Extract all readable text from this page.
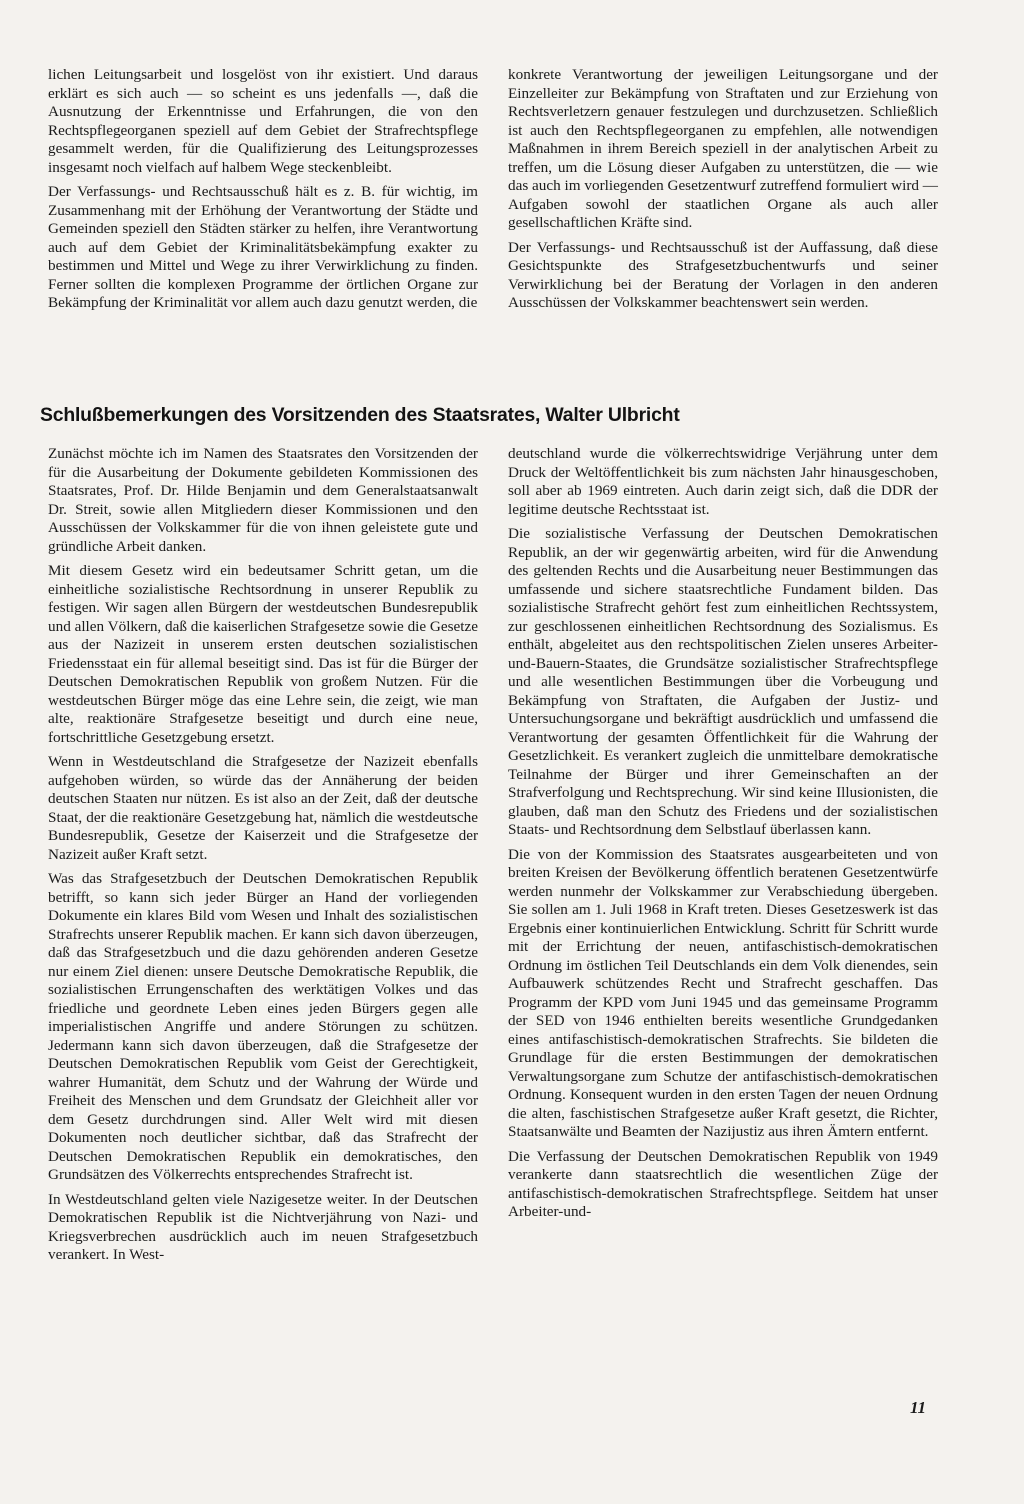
lichen Leitungsarbeit und losgelöst von ihr existiert. Und daraus erklärt es sich auch — so scheint es uns jedenfalls —, daß die Ausnutzung der Erkenntnisse und Erfahrungen, die von den Rechtspflegeorganen speziell auf dem Gebiet der Strafrechtspflege gesammelt werden, für die Qualifizierung des Leitungsprozesses insgesamt noch vielfach auf halbem Wege steckenbleibt.

Der Verfassungs- und Rechtsausschuß hält es z. B. für wichtig, im Zusammenhang mit der Erhöhung der Verantwortung der Städte und Gemeinden speziell den Städten stärker zu helfen, ihre Verantwortung auch auf dem Gebiet der Kriminalitätsbekämpfung exakter zu bestimmen und Mittel und Wege zu ihrer Verwirklichung zu finden. Ferner sollten die komplexen Programme der örtlichen Organe zur Bekämpfung der Kriminalität vor allem auch dazu genutzt werden, die

konkrete Verantwortung der jeweiligen Leitungsorgane und der Einzelleiter zur Bekämpfung von Straftaten und zur Erziehung von Rechtsverletzern genauer festzulegen und durchzusetzen. Schließlich ist auch den Rechtspflegeorganen zu empfehlen, alle notwendigen Maßnahmen in ihrem Bereich speziell in der analytischen Arbeit zu treffen, um die Lösung dieser Aufgaben zu unterstützen, die — wie das auch im vorliegenden Gesetzentwurf zutreffend formuliert wird — Aufgaben sowohl der staatlichen Organe als auch aller gesellschaftlichen Kräfte sind.

Der Verfassungs- und Rechtsausschuß ist der Auffassung, daß diese Gesichtspunkte des Strafgesetzbuchentwurfs und seiner Verwirklichung bei der Beratung der Vorlagen in den anderen Ausschüssen der Volkskammer beachtenswert sein werden.

Schlußbemerkungen des Vorsitzenden des Staatsrates, Walter Ulbricht

Zunächst möchte ich im Namen des Staatsrates den Vorsitzenden der für die Ausarbeitung der Dokumente gebildeten Kommissionen des Staatsrates, Prof. Dr. Hilde Benjamin und dem Generalstaatsanwalt Dr. Streit, sowie allen Mitgliedern dieser Kommissionen und den Ausschüssen der Volkskammer für die von ihnen geleistete gute und gründliche Arbeit danken.

Mit diesem Gesetz wird ein bedeutsamer Schritt getan, um die einheitliche sozialistische Rechtsordnung in unserer Republik zu festigen. Wir sagen allen Bürgern der westdeutschen Bundesrepublik und allen Völkern, daß die kaiserlichen Strafgesetze sowie die Gesetze aus der Nazizeit in unserem ersten deutschen sozialistischen Friedensstaat ein für allemal beseitigt sind. Das ist für die Bürger der Deutschen Demokratischen Republik von großem Nutzen. Für die westdeutschen Bürger möge das eine Lehre sein, die zeigt, wie man alte, reaktionäre Strafgesetze beseitigt und durch eine neue, fortschrittliche Gesetzgebung ersetzt.

Wenn in Westdeutschland die Strafgesetze der Nazizeit ebenfalls aufgehoben würden, so würde das der Annäherung der beiden deutschen Staaten nur nützen. Es ist also an der Zeit, daß der deutsche Staat, der die reaktionäre Gesetzgebung hat, nämlich die westdeutsche Bundesrepublik, Gesetze der Kaiserzeit und die Strafgesetze der Nazizeit außer Kraft setzt.

Was das Strafgesetzbuch der Deutschen Demokratischen Republik betrifft, so kann sich jeder Bürger an Hand der vorliegenden Dokumente ein klares Bild vom Wesen und Inhalt des sozialistischen Strafrechts unserer Republik machen. Er kann sich davon überzeugen, daß das Strafgesetzbuch und die dazu gehörenden anderen Gesetze nur einem Ziel dienen: unsere Deutsche Demokratische Republik, die sozialistischen Errungenschaften des werktätigen Volkes und das friedliche und geordnete Leben eines jeden Bürgers gegen alle imperialistischen Angriffe und andere Störungen zu schützen. Jedermann kann sich davon überzeugen, daß die Strafgesetze der Deutschen Demokratischen Republik vom Geist der Gerechtigkeit, wahrer Humanität, dem Schutz und der Wahrung der Würde und Freiheit des Menschen und dem Grundsatz der Gleichheit aller vor dem Gesetz durchdrungen sind. Aller Welt wird mit diesen Dokumenten noch deutlicher sichtbar, daß das Strafrecht der Deutschen Demokratischen Republik ein demokratisches, den Grundsätzen des Völkerrechts entsprechendes Strafrecht ist.

In Westdeutschland gelten viele Nazigesetze weiter. In der Deutschen Demokratischen Republik ist die Nichtverjährung von Nazi- und Kriegsverbrechen ausdrücklich auch im neuen Strafgesetzbuch verankert. In West-

deutschland wurde die völkerrechtswidrige Verjährung unter dem Druck der Weltöffentlichkeit bis zum nächsten Jahr hinausgeschoben, soll aber ab 1969 eintreten. Auch darin zeigt sich, daß die DDR der legitime deutsche Rechtsstaat ist.

Die sozialistische Verfassung der Deutschen Demokratischen Republik, an der wir gegenwärtig arbeiten, wird für die Anwendung des geltenden Rechts und die Ausarbeitung neuer Bestimmungen das umfassende und sichere staatsrechtliche Fundament bilden. Das sozialistische Strafrecht gehört fest zum einheitlichen Rechtssystem, zur geschlossenen einheitlichen Rechtsordnung des Sozialismus. Es enthält, abgeleitet aus den rechtspolitischen Zielen unseres Arbeiter-und-Bauern-Staates, die Grundsätze sozialistischer Strafrechtspflege und alle wesentlichen Bestimmungen über die Vorbeugung und Bekämpfung von Straftaten, die Aufgaben der Justiz- und Untersuchungsorgane und bekräftigt ausdrücklich und umfassend die Verantwortung der gesamten Öffentlichkeit für die Wahrung der Gesetzlichkeit. Es verankert zugleich die unmittelbare demokratische Teilnahme der Bürger und ihrer Gemeinschaften an der Strafverfolgung und Rechtsprechung. Wir sind keine Illusionisten, die glauben, daß man den Schutz des Friedens und der sozialistischen Staats- und Rechtsordnung dem Selbstlauf überlassen kann.

Die von der Kommission des Staatsrates ausgearbeiteten und von breiten Kreisen der Bevölkerung öffentlich beratenen Gesetzentwürfe werden nunmehr der Volkskammer zur Verabschiedung übergeben. Sie sollen am 1. Juli 1968 in Kraft treten. Dieses Gesetzeswerk ist das Ergebnis einer kontinuierlichen Entwicklung. Schritt für Schritt wurde mit der Errichtung der neuen, antifaschistisch-demokratischen Ordnung im östlichen Teil Deutschlands ein dem Volk dienendes, sein Aufbauwerk schützendes Recht und Strafrecht geschaffen. Das Programm der KPD vom Juni 1945 und das gemeinsame Programm der SED von 1946 enthielten bereits wesentliche Grundgedanken eines antifaschistisch-demokratischen Strafrechts. Sie bildeten die Grundlage für die ersten Bestimmungen der demokratischen Verwaltungsorgane zum Schutze der antifaschistisch-demokratischen Ordnung. Konsequent wurden in den ersten Tagen der neuen Ordnung die alten, faschistischen Strafgesetze außer Kraft gesetzt, die Richter, Staatsanwälte und Beamten der Nazijustiz aus ihren Ämtern entfernt.

Die Verfassung der Deutschen Demokratischen Republik von 1949 verankerte dann staatsrechtlich die wesentlichen Züge der antifaschistisch-demokratischen Strafrechtspflege. Seitdem hat unser Arbeiter-und-

11
